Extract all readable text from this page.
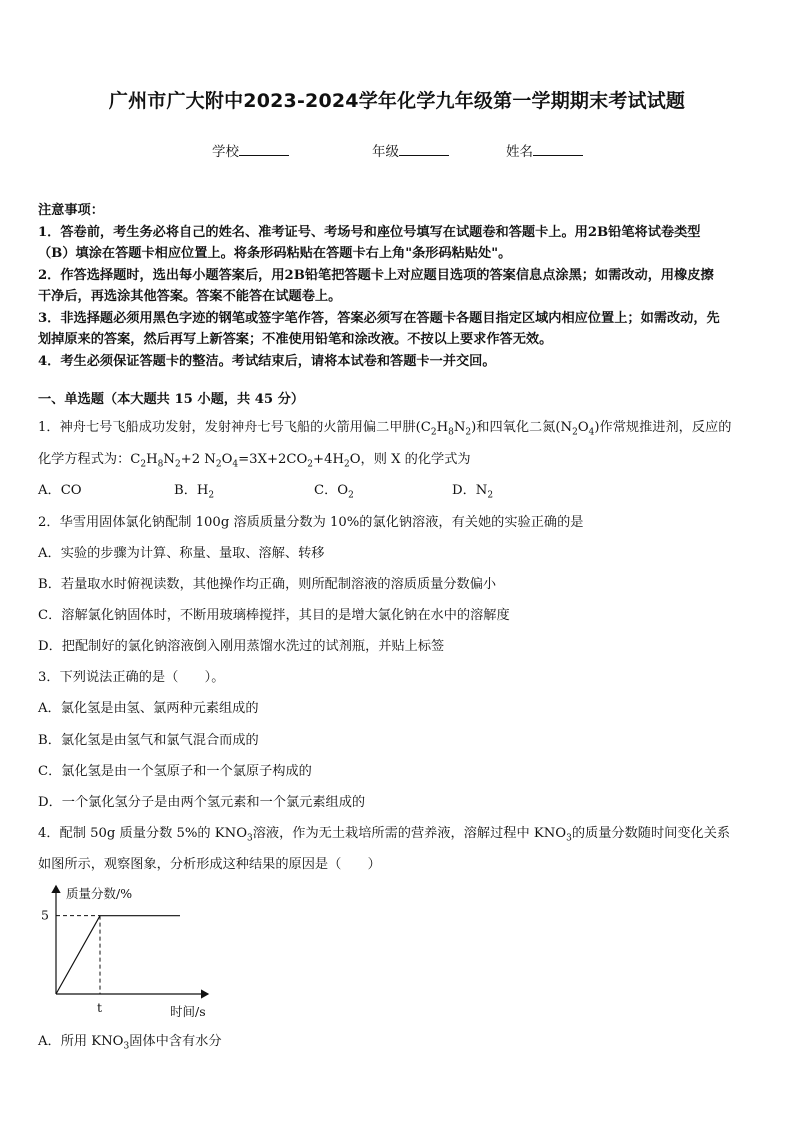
广州市广大附中2023-2024学年化学九年级第一学期期末考试试题
学校	年级	姓名
注意事项：

1．答卷前，考生务必将自己的姓名、准考证号、考场号和座位号填写在试题卷和答题卡上。用2B铅笔将试卷类型

（B）填涂在答题卡相应位置上。将条形码粘贴在答题卡右上角"条形码粘贴处"。

2．作答选择题时，选出每小题答案后，用2B铅笔把答题卡上对应题目选项的答案信息点涂黑；如需改动，用橡皮擦

干净后，再选涂其他答案。答案不能答在试题卷上。

3．非选择题必须用黑色字迹的钢笔或签字笔作答，答案必须写在答题卡各题目指定区域内相应位置上；如需改动，先

划掉原来的答案，然后再写上新答案；不准使用铅笔和涂改液。不按以上要求作答无效。

4．考生必须保证答题卡的整洁。考试结束后，请将本试卷和答题卡一并交回。

一、单选题（本大题共 15 小题，共 45 分）
1．神舟七号飞船成功发射，发射神舟七号飞船的火箭用偏二甲肼$(C_2H_8N_2)$和四氧化二氮$(N_2O_4)$作常规推进剂，反应的
化学方程式为：$C_2H_8N_2+2$ $N_2O_4=3X+2CO_2+4H_2O$，则 X 的化学式为
A．CO	B．$H_2$	C．$O_2$	D．$N_2$
2．华雪用固体氯化钠配制 100g 溶质质量分数为 10%的氯化钠溶液，有关她的实验正确的是
A．实验的步骤为计算、称量、量取、溶解、转移
B．若量取水时俯视读数，其他操作均正确，则所配制溶液的溶质质量分数偏小
C．溶解氯化钠固体时，不断用玻璃棒搅拌，其目的是增大氯化钠在水中的溶解度
D．把配制好的氯化钠溶液倒入刚用蒸馏水洗过的试剂瓶，并贴上标签
3．下列说法正确的是（　　）。
A．氯化氢是由氢、氯两种元素组成的
B．氯化氢是由氢气和氯气混合而成的
C．氯化氢是由一个氢原子和一个氯原子构成的
D．一个氯化氢分子是由两个氢元素和一个氯元素组成的
4．配制 50g 质量分数 5%的 $KNO_3$溶液，作为无土栽培所需的营养液，溶解过程中 $KNO_3$的质量分数随时间变化关系
如图所示，观察图象，分析形成这种结果的原因是（　　）
质量分数/%
时间/s
5
t
A．所用 $KNO_3$固体中含有水分
